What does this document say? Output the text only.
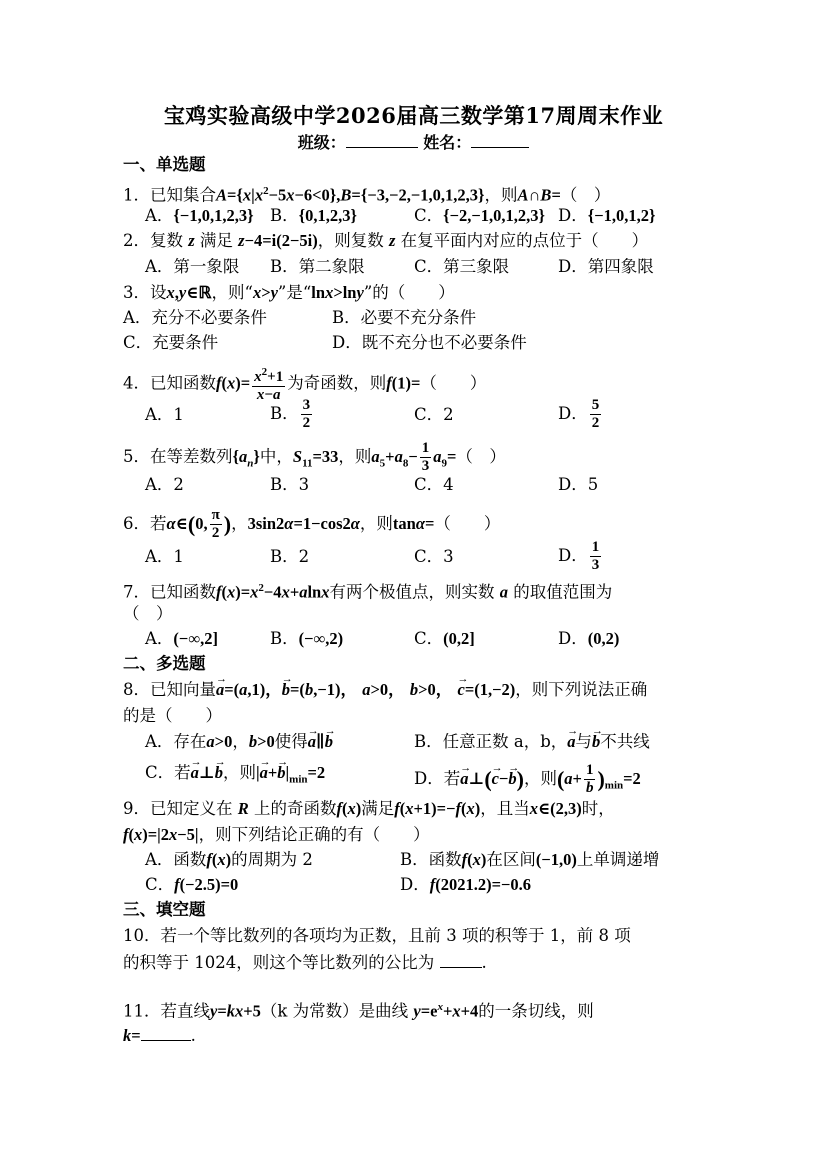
宝鸡实验高级中学2026届高三数学第17周周末作业
班级：	姓名：
一、单选题
1．已知集合$A=\{x|x^2-5x-6<0\},B=\{-3,-2,-1,0,1,2,3\}$，则A∩B=（　）
A．{−1,0,1,2,3} B．{0,1,2,3}	C．{−2,−1,0,1,2,3} D．{−1,0,1,2}
2．复数 z 满足 z−4=i(2−5i)，则复数 z 在复平面内对应的点位于（　　）
A．第一象限 B．第二象限	C．第三象限	D．第四象限
3．设x,y∈ℝ，则“x>y”是“lnx>lny”的（　　）
A．充分不必要条件	B．必要不充分条件
C．充要条件	D．既不充分也不必要条件
4．已知函数$f(x)= \frac{x^2+1}{x-a}$ 为奇函数，则f(1)=（　　）
A．1	B． $\frac{3}{2}$	C．2	D． $\frac{5}{2}$
5．在等差数列$\{a_n\}$中，$S_{11}=33$，则$a_5+a_8- \frac{1}{3} a_9=$（　）
A．2	B．3	C．4	D．5
6．若α∈(0, $\frac{\pi}{2}$ )，3sin2α=1−cos2α，则tanα=（　　）
A．1	B．2	C．3	D． $\frac{1}{3}$
7．已知函数$f(x)=x^2-4x+alnx$有两个极值点，则实数 a 的取值范围为
（　）
A．(−∞,2]	B．(−∞,2)	C．(0,2]	D．(0,2)
二、多选题
8．已知向量→ a=(a,1)，→ b=(b,−1)， a>0， b>0， → c=(1,−2)，则下列说法正确
的是（　　）
A．存在a>0，b>0使得→ a∥→ b	B．任意正数 a，b，→ a与→ b不共线
C．若→ a⊥→ b，则|→ $a+\to b|_{min}=2$	D．若→ a⊥(→ c−→ b)，则$(a+ \frac{1}{b} )_{min}=2$
9．已知定义在 R 上的奇函数f(x)满足f(x+1)=−f(x)，且当x∈(2,3)时，
f(x)=|2x−5|，则下列结论正确的有（　　）
A．函数f(x)的周期为 2	B．函数f(x)在区间(−1,0)上单调递增
C．f(−2.5)=0	D．f(2021.2)=−0.6
三、填空题
10．若一个等比数列的各项均为正数，且前 3 项的积等于 1，前 8 项
的积等于 1024，则这个等比数列的公比为	.
11．若直线y=kx+5（k 为常数）是曲线 $y=e^x+x+4$的一条切线，则
k=	.
